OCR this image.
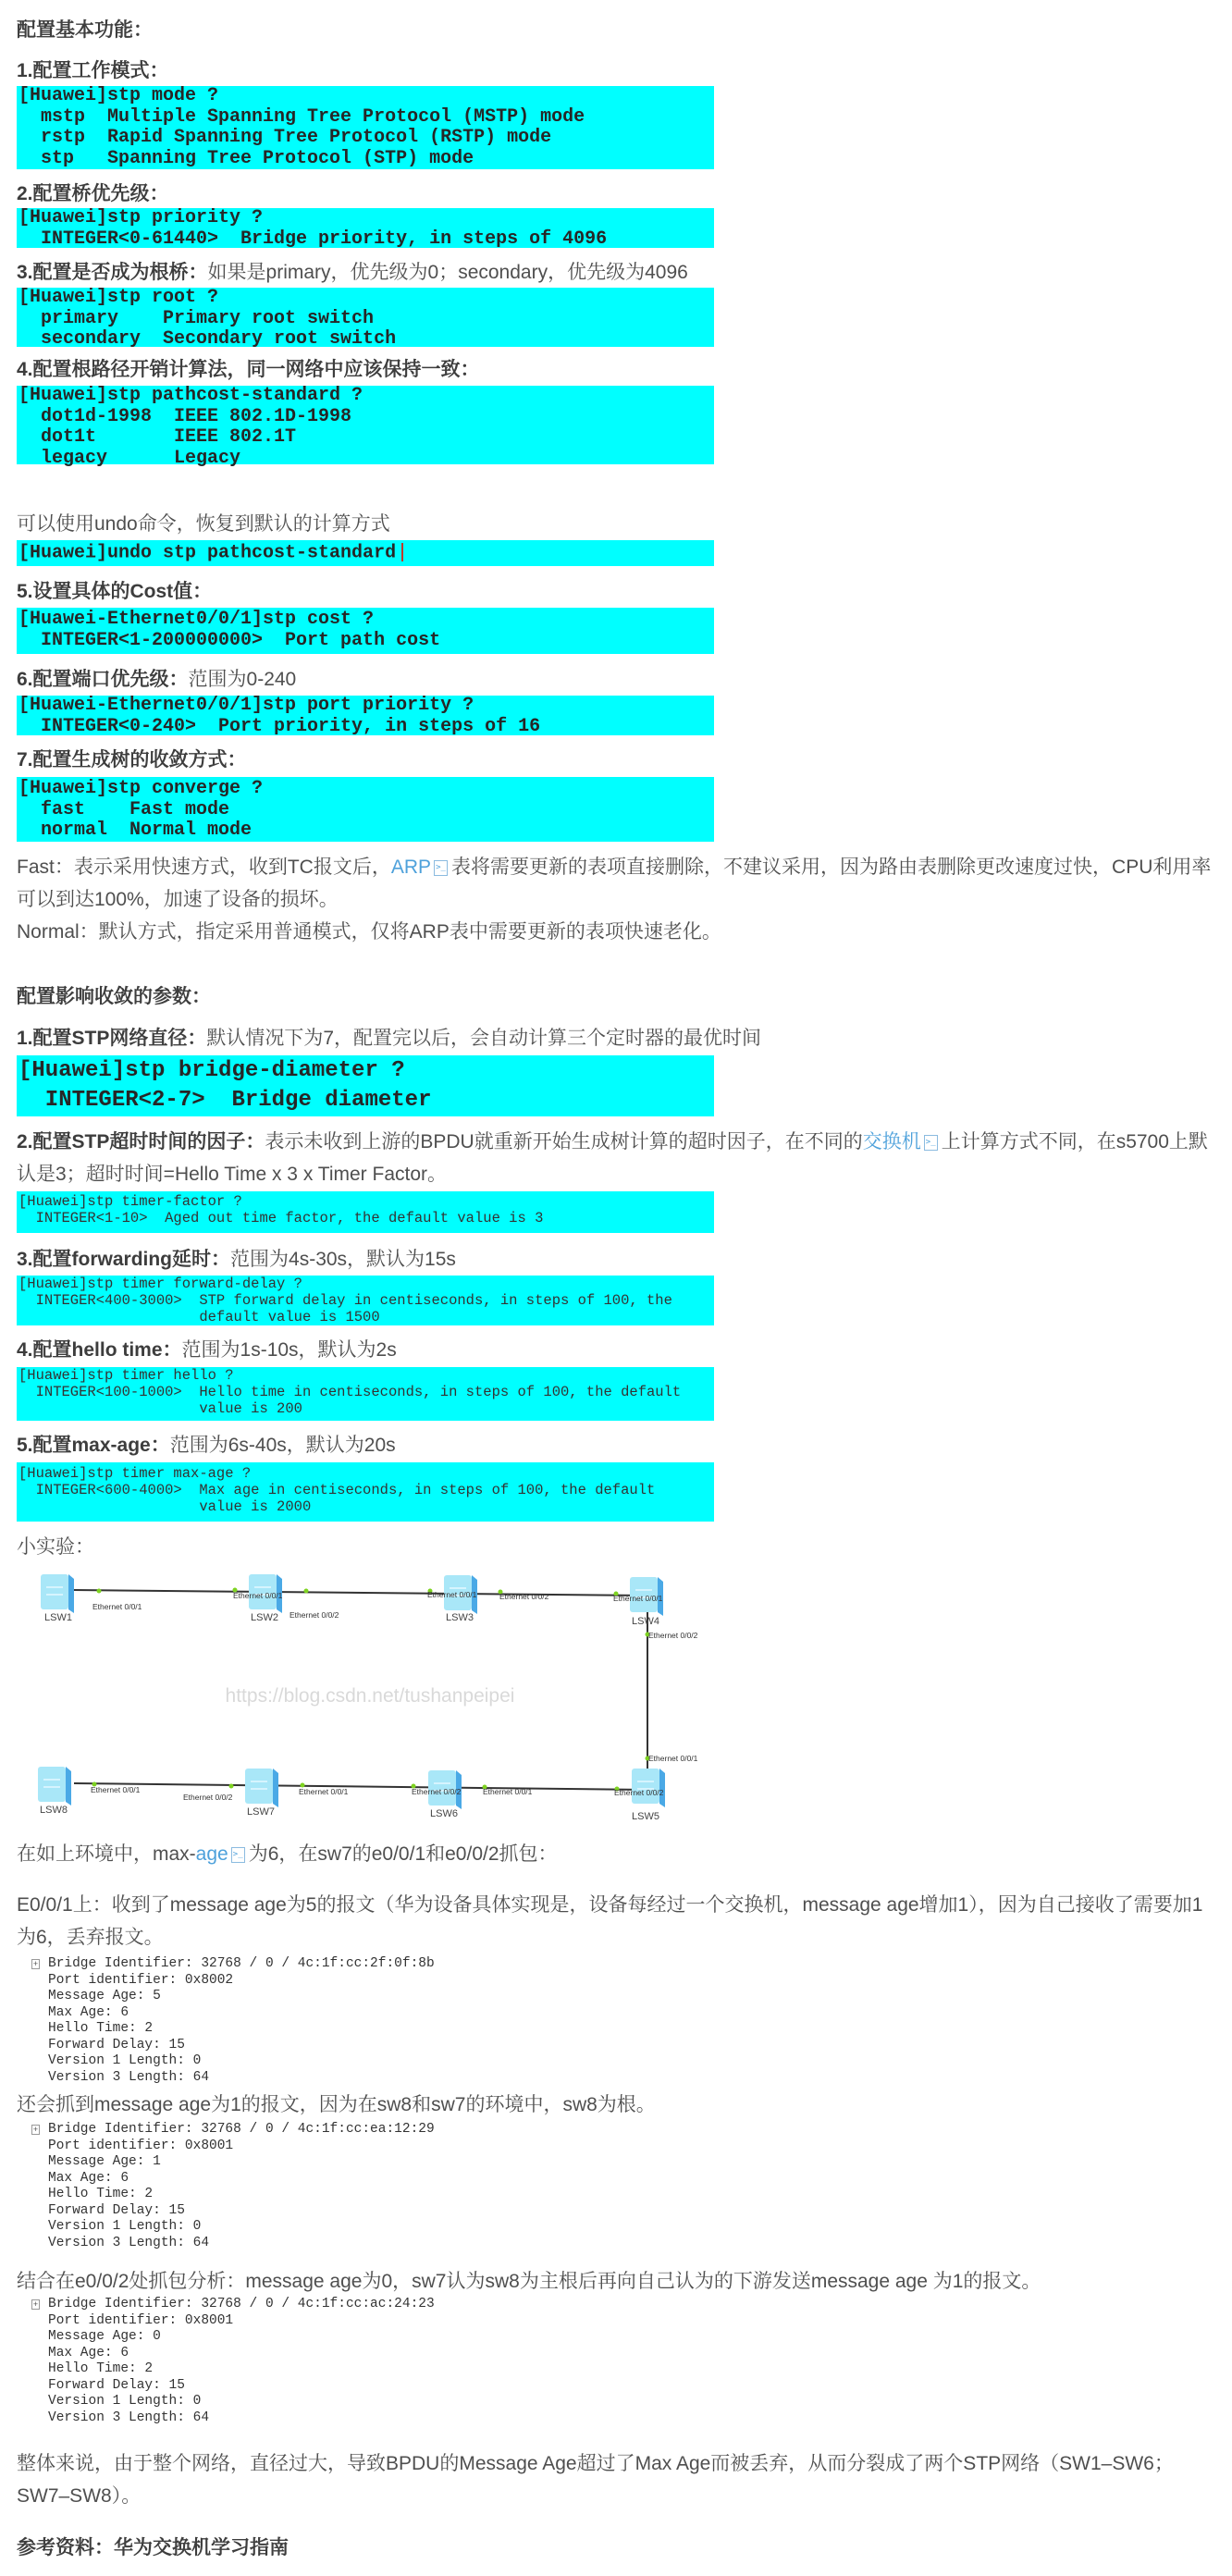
配置基本功能：
1.配置工作模式：
[Huawei]stp mode ?
mstp  Multiple Spanning Tree Protocol (MSTP) mode
rstp  Rapid Spanning Tree Protocol (RSTP) mode
stp   Spanning Tree Protocol (STP) mode
2.配置桥优先级：
[Huawei]stp priority ?
INTEGER<0-61440>  Bridge priority, in steps of 4096
3.配置是否成为根桥：如果是primary，优先级为0；secondary，优先级为4096
[Huawei]stp root ?
primary    Primary root switch
secondary  Secondary root switch
4.配置根路径开销计算法，同一网络中应该保持一致：
[Huawei]stp pathcost-standard ?
dot1d-1998  IEEE 802.1D-1998
dot1t       IEEE 802.1T
legacy      Legacy
可以使用undo命令，恢复到默认的计算方式
[Huawei]undo stp pathcost-standard
5.设置具体的Cost值：
[Huawei-Ethernet0/0/1]stp cost ?
INTEGER<1-200000000>  Port path cost
6.配置端口优先级：范围为0-240
[Huawei-Ethernet0/0/1]stp port priority ?
INTEGER<0-240>  Port priority, in steps of 16
7.配置生成树的收敛方式：
[Huawei]stp converge ?
fast    Fast mode
normal  Normal mode
Fast：表示采用快速方式，收到TC报文后，ARP >_ 表将需要更新的表项直接删除，不建议采用，因为路由表删除更改速度过快，CPU利用率可以到达100%，加速了设备的损坏。
Normal：默认方式，指定采用普通模式，仅将ARP表中需要更新的表项快速老化。
配置影响收敛的参数：
1.配置STP网络直径：默认情况下为7，配置完以后，会自动计算三个定时器的最优时间
[Huawei]stp bridge-diameter ?
INTEGER<2-7>  Bridge diameter
2.配置STP超时时间的因子：表示未收到上游的BPDU就重新开始生成树计算的超时因子，在不同的交换机 >_ 上计算方式不同，在s5700上默认是3；超时时间=Hello Time x 3 x Timer Factor。
[Huawei]stp timer-factor ?
INTEGER<1-10>  Aged out time factor, the default value is 3
3.配置forwarding延时：范围为4s-30s，默认为15s
[Huawei]stp timer forward-delay ?
INTEGER<400-3000>  STP forward delay in centiseconds, in steps of 100, the
default value is 1500
4.配置hello time：范围为1s-10s，默认为2s
[Huawei]stp timer hello ?
INTEGER<100-1000>  Hello time in centiseconds, in steps of 100, the default
value is 200
5.配置max-age：范围为6s-40s，默认为20s
[Huawei]stp timer max-age ?
INTEGER<600-4000>  Max age in centiseconds, in steps of 100, the default
value is 2000
小实验：
LSW1	LSW2	LSW3	LSW4
LSW5
LSW6
LSW7
LSW8
Ethernet 0/0/1
Ethernet 0/0/1
Ethernet 0/0/2
Ethernet 0/0/1	Ethernet 0/0/2	Ethernet 0/0/1
Ethernet 0/0/2
Ethernet 0/0/1
Ethernet 0/0/2
Ethernet 0/0/1
Ethernet 0/0/2
Ethernet 0/0/1
Ethernet 0/0/2
Ethernet 0/0/1
https://blog.csdn.net/tushanpeipei
在如上环境中，max-age >_ 为6，在sw7的e0/0/1和e0/0/2抓包：
E0/0/1上：收到了message age为5的报文（华为设备具体实现是，设备每经过一个交换机，message age增加1），因为自己接收了需要加1为6，丢弃报文。
+ Bridge Identifier: 32768 / 0 / 4c:1f:cc:2f:0f:8b
Port identifier: 0x8002
Message Age: 5
Max Age: 6
Hello Time: 2
Forward Delay: 15
Version 1 Length: 0
Version 3 Length: 64
还会抓到message age为1的报文，因为在sw8和sw7的环境中，sw8为根。
+ Bridge Identifier: 32768 / 0 / 4c:1f:cc:ea:12:29
Port identifier: 0x8001
Message Age: 1
Max Age: 6
Hello Time: 2
Forward Delay: 15
Version 1 Length: 0
Version 3 Length: 64
结合在e0/0/2处抓包分析：message age为0，sw7认为sw8为主根后再向自己认为的下游发送message age 为1的报文。
+ Bridge Identifier: 32768 / 0 / 4c:1f:cc:ac:24:23
Port identifier: 0x8001
Message Age: 0
Max Age: 6
Hello Time: 2
Forward Delay: 15
Version 1 Length: 0
Version 3 Length: 64
整体来说，由于整个网络，直径过大，导致BPDU的Message Age超过了Max Age而被丢弃，从而分裂成了两个STP网络（SW1–SW6；SW7–SW8）。
参考资料：华为交换机学习指南
